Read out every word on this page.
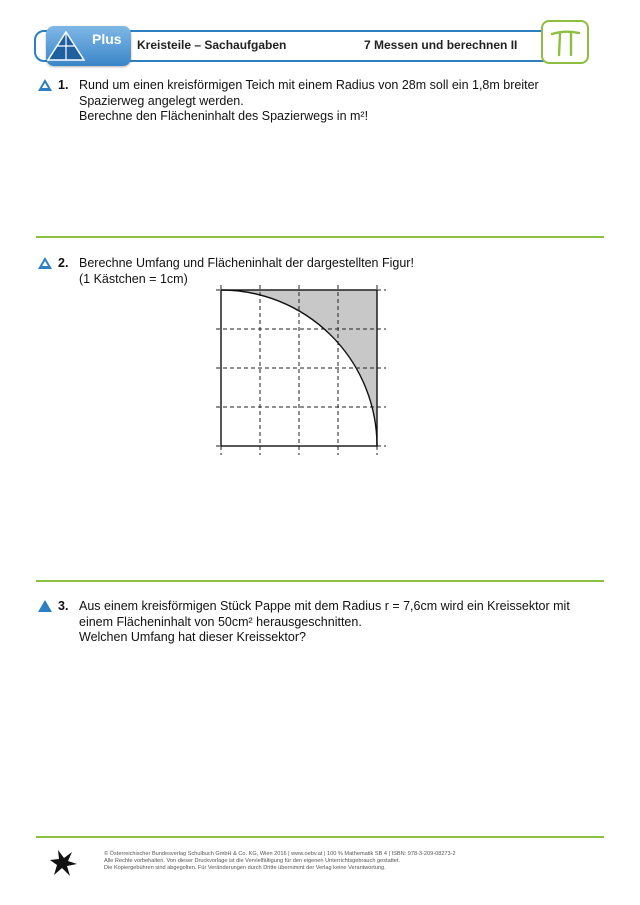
Plus Kreisteile – Sachaufgaben	7 Messen und berechnen II
1. Rund um einen kreisförmigen Teich mit einem Radius von 28m soll ein 1,8m breiter
Spazierweg angelegt werden.
Berechne den Flächeninhalt des Spazierwegs in m²!
2. Berechne Umfang und Flächeninhalt der dargestellten Figur!
(1 Kästchen = 1cm)
3. Aus einem kreisförmigen Stück Pappe mit dem Radius r = 7,6cm wird ein Kreissektor mit
einem Flächeninhalt von 50cm² herausgeschnitten.
Welchen Umfang hat dieser Kreissektor?
© Österreichischer Bundesverlag Schulbuch GmbH & Co. KG, Wien 2016 | www.oebv.at | 100 % Mathematik SB 4 | ISBN: 978-3-209-08273-2
Alle Rechte vorbehalten. Von dieser Druckvorlage ist die Vervielfältigung für den eigenen Unterrichtsgebrauch gestattet.
Die Kopiergebühren sind abgegolten. Für Veränderungen durch Dritte übernimmt der Verlag keine Verantwortung.
